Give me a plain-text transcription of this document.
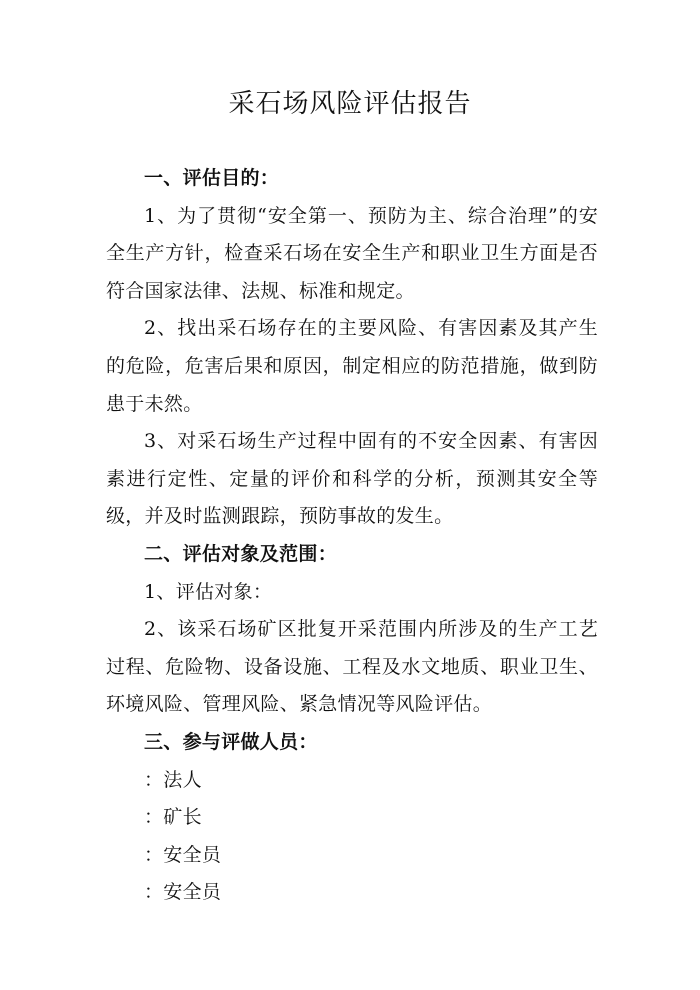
采石场风险评估报告

一、评估目的：

1、为了贯彻“安全第一、预防为主、综合治理”的安全生产方针，检查采石场在安全生产和职业卫生方面是否符合国家法律、法规、标准和规定。

2、找出采石场存在的主要风险、有害因素及其产生的危险，危害后果和原因，制定相应的防范措施，做到防患于未然。

3、对采石场生产过程中固有的不安全因素、有害因素进行定性、定量的评价和科学的分析，预测其安全等级，并及时监测跟踪，预防事故的发生。

二、评估对象及范围：

1、评估对象：

2、该采石场矿区批复开采范围内所涉及的生产工艺过程、危险物、设备设施、工程及水文地质、职业卫生、环境风险、管理风险、紧急情况等风险评估。

三、参与评做人员：

：法人

：矿长

：安全员

：安全员
